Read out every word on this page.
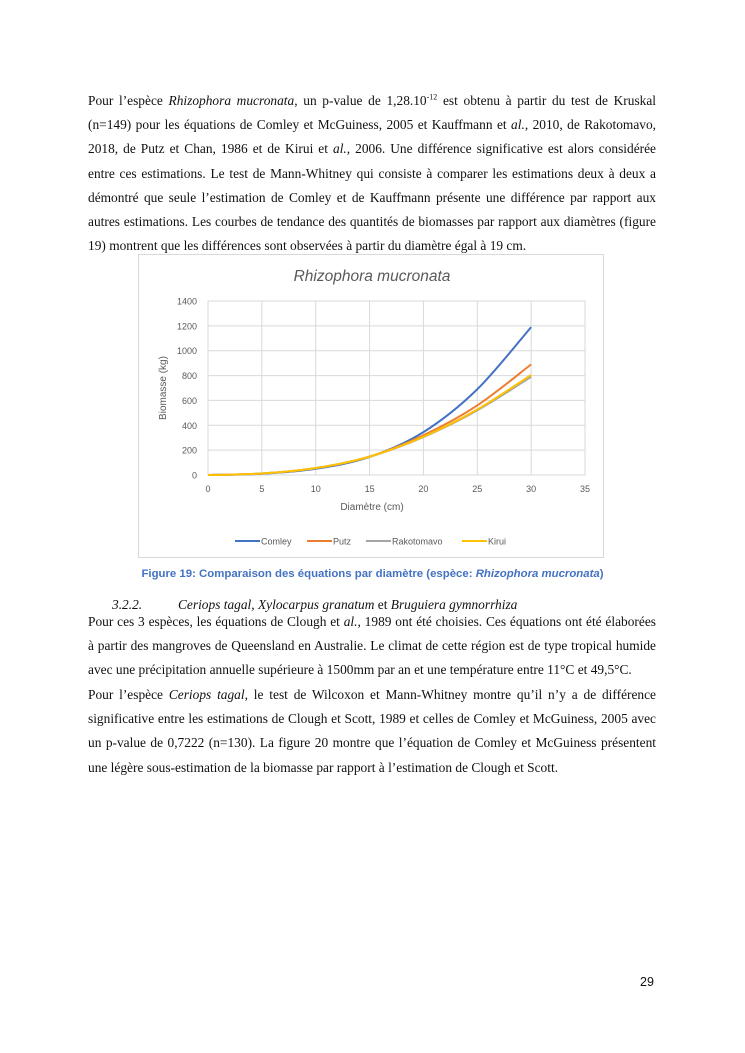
Pour l’espèce Rhizophora mucronata, un p-value de $1,28.10^{-12}$ est obtenu à partir du test de Kruskal (n=149) pour les équations de Comley et McGuiness, 2005 et Kauffmann et al., 2010, de Rakotomavo, 2018, de Putz et Chan, 1986 et de Kirui et al., 2006. Une différence significative est alors considérée entre ces estimations. Le test de Mann-Whitney qui consiste à comparer les estimations deux à deux a démontré que seule l’estimation de Comley et de Kauffmann présente une différence par rapport aux autres estimations. Les courbes de tendance des quantités de biomasses par rapport aux diamètres (figure 19) montrent que les différences sont observées à partir du diamètre égal à 19 cm.

Rhizophora mucronata
0
200
400
600
800
1000
1200
1400
0	5	10	15	20	25	30	35
Diamètre (cm)
Biomasse (kg)
Comley	Putz	Rakotomavo	Kirui
Figure 19: Comparaison des équations par diamètre (espèce: Rhizophora mucronata)
3.2.2.	Ceriops tagal, Xylocarpus granatum et Bruguiera gymnorrhiza

Pour ces 3 espèces, les équations de Clough et al., 1989 ont été choisies. Ces équations ont été élaborées à partir des mangroves de Queensland en Australie. Le climat de cette région est de type tropical humide avec une précipitation annuelle supérieure à 1500mm par an et une température entre 11°C et 49,5°C.

Pour l’espèce Ceriops tagal, le test de Wilcoxon et Mann-Whitney montre qu’il n’y a de différence significative entre les estimations de Clough et Scott, 1989 et celles de Comley et McGuiness, 2005 avec un p-value de 0,7222 (n=130). La figure 20 montre que l’équation de Comley et McGuiness présentent une légère sous-estimation de la biomasse par rapport à l’estimation de Clough et Scott.

29
